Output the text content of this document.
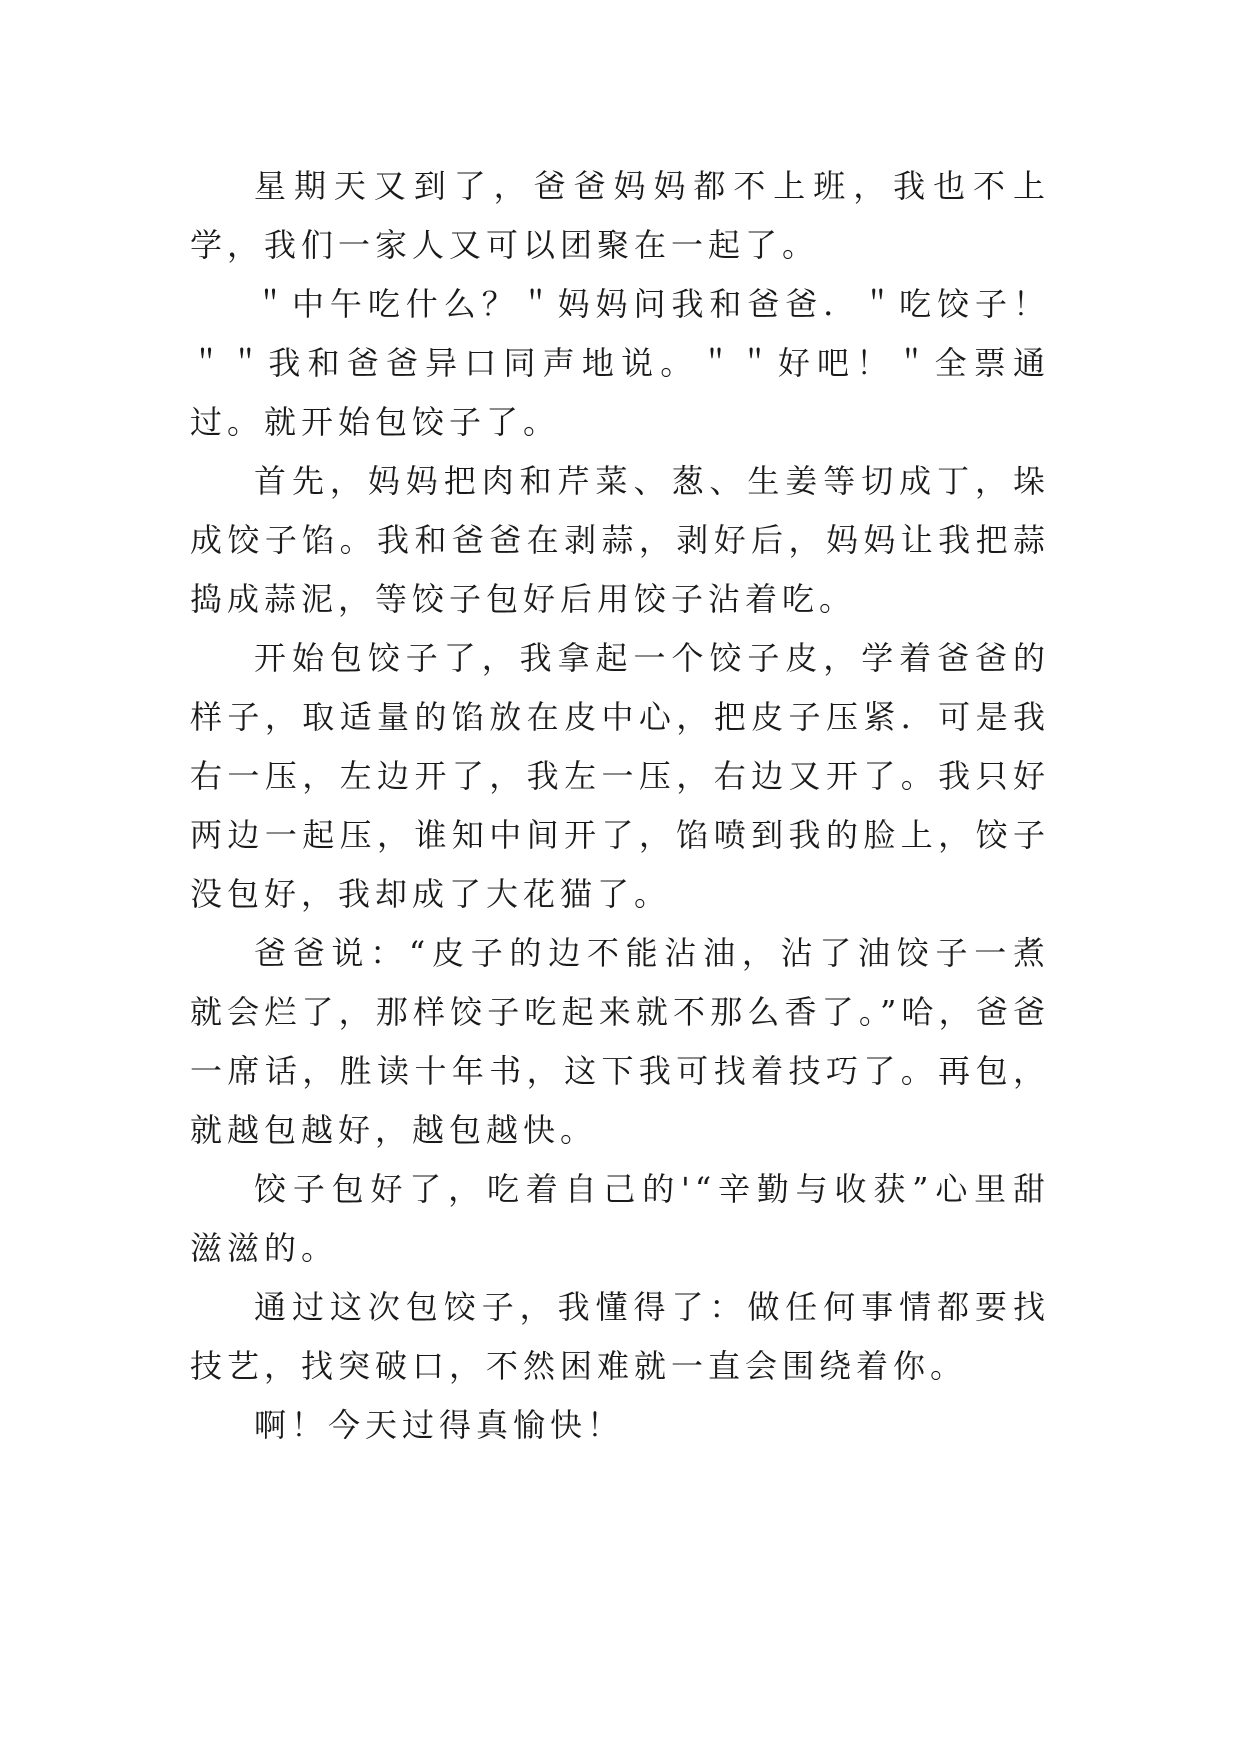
星期天又到了，爸爸妈妈都不上班，我也不上学，我们一家人又可以团聚在一起了。

＂中午吃什么？＂妈妈问我和爸爸．＂吃饺子！＂＂我和爸爸异口同声地说。＂＂好吧！＂全票通过。就开始包饺子了。

首先，妈妈把肉和芹菜、葱、生姜等切成丁，垛成饺子馅。我和爸爸在剥蒜，剥好后，妈妈让我把蒜捣成蒜泥，等饺子包好后用饺子沾着吃。

开始包饺子了，我拿起一个饺子皮，学着爸爸的样子，取适量的馅放在皮中心，把皮子压紧．可是我右一压，左边开了，我左一压，右边又开了。我只好两边一起压，谁知中间开了，馅喷到我的脸上，饺子没包好，我却成了大花猫了。

爸爸说：“皮子的边不能沾油，沾了油饺子一煮就会烂了，那样饺子吃起来就不那么香了。”哈，爸爸一席话，胜读十年书，这下我可找着技巧了。再包，就越包越好，越包越快。

饺子包好了，吃着自己的'“辛勤与收获”心里甜滋滋的。

通过这次包饺子，我懂得了：做任何事情都要找技艺，找突破口，不然困难就一直会围绕着你。

啊！今天过得真愉快！
